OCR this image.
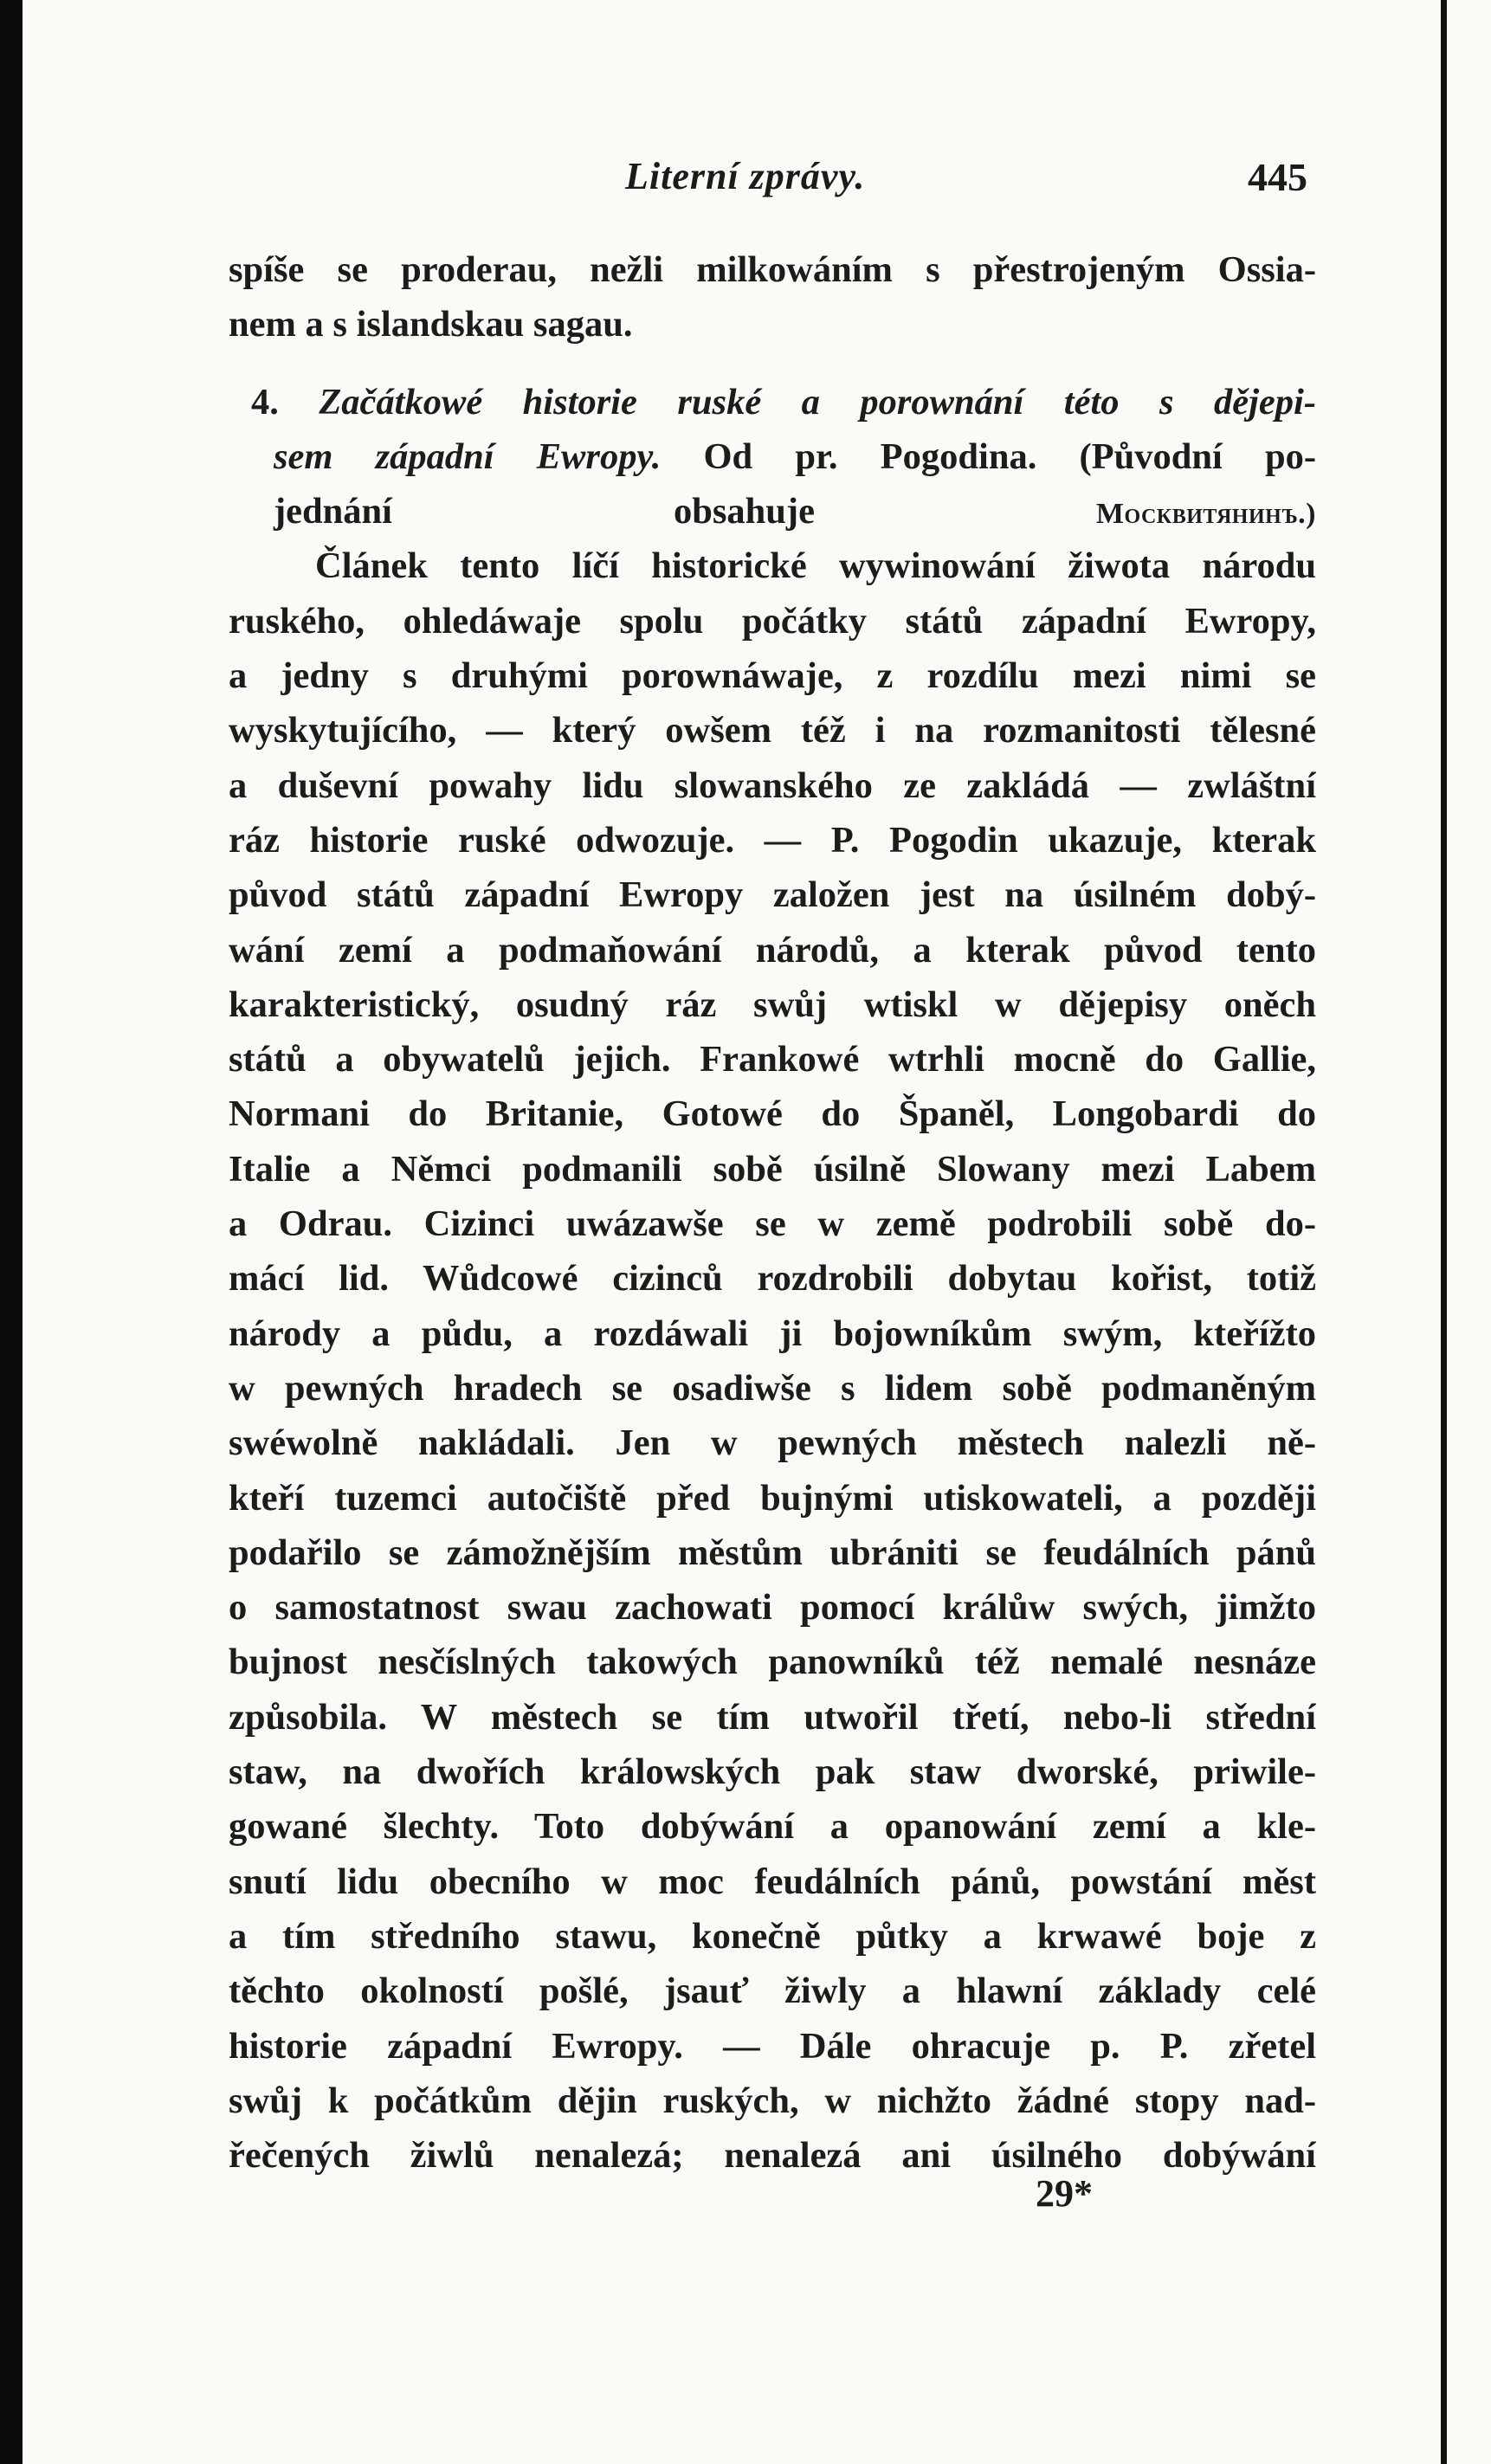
Literní zprávy.	445
spíše se proderau, nežli milkowáním s přestrojeným Ossia-
nem a s islandskau sagau.
4. Začátkowé historie ruské a porownání této s dějepi-
sem západní Ewropy. Od pr. Pogodina. (Původní po-
jednání obsahuje	Москвитянинъ.)
Článek tento líčí historické wywinowání žiwota národu
ruského, ohledáwaje spolu počátky států západní Ewropy,
a jedny s druhými porownáwaje, z rozdílu mezi nimi se
wyskytujícího, — který owšem též i na rozmanitosti tělesné
a duševní powahy lidu slowanského ze zakládá — zwláštní
ráz historie ruské odwozuje. — P. Pogodin ukazuje, kterak
původ států západní Ewropy založen jest na úsilném dobý-
wání zemí a podmaňowání národů, a kterak původ tento
karakteristický, osudný ráz swůj wtiskl w dějepisy oněch
států a obywatelů jejich. Frankowé wtrhli mocně do Gallie,
Normani do Britanie, Gotowé do Španěl, Longobardi do
Italie a Němci podmanili sobě úsilně Slowany mezi Labem
a Odrau. Cizinci uwázawše se w země podrobili sobě do-
mácí lid. Wůdcowé cizinců rozdrobili dobytau kořist, totiž
národy a půdu, a rozdáwali ji bojowníkům swým, kteřížto
w pewných hradech se osadiwše s lidem sobě podmaněným
swéwolně nakládali. Jen w pewných městech nalezli ně-
kteří tuzemci autočiště před bujnými utiskowateli, a později
podařilo se zámožnějším městům ubrániti se feudálních pánů
o samostatnost swau zachowati pomocí králůw swých, jimžto
bujnost nesčíslných takowých panowníků též nemalé nesnáze
způsobila. W městech se tím utwořil třetí, nebo-li střední
staw, na dwořích králowských pak staw dworské, priwile-
gowané šlechty. Toto dobýwání a opanowání zemí a kle-
snutí lidu obecního w moc feudálních pánů, powstání měst
a tím středního stawu, konečně půtky a krwawé boje z
těchto okolností pošlé, jsauť žiwly a hlawní základy celé
historie západní Ewropy. — Dále ohracuje p. P. zřetel
swůj k počátkům dějin ruských, w nichžto žádné stopy nad-
řečených žiwlů nenalezá; nenalezá ani úsilného dobýwání
29*
